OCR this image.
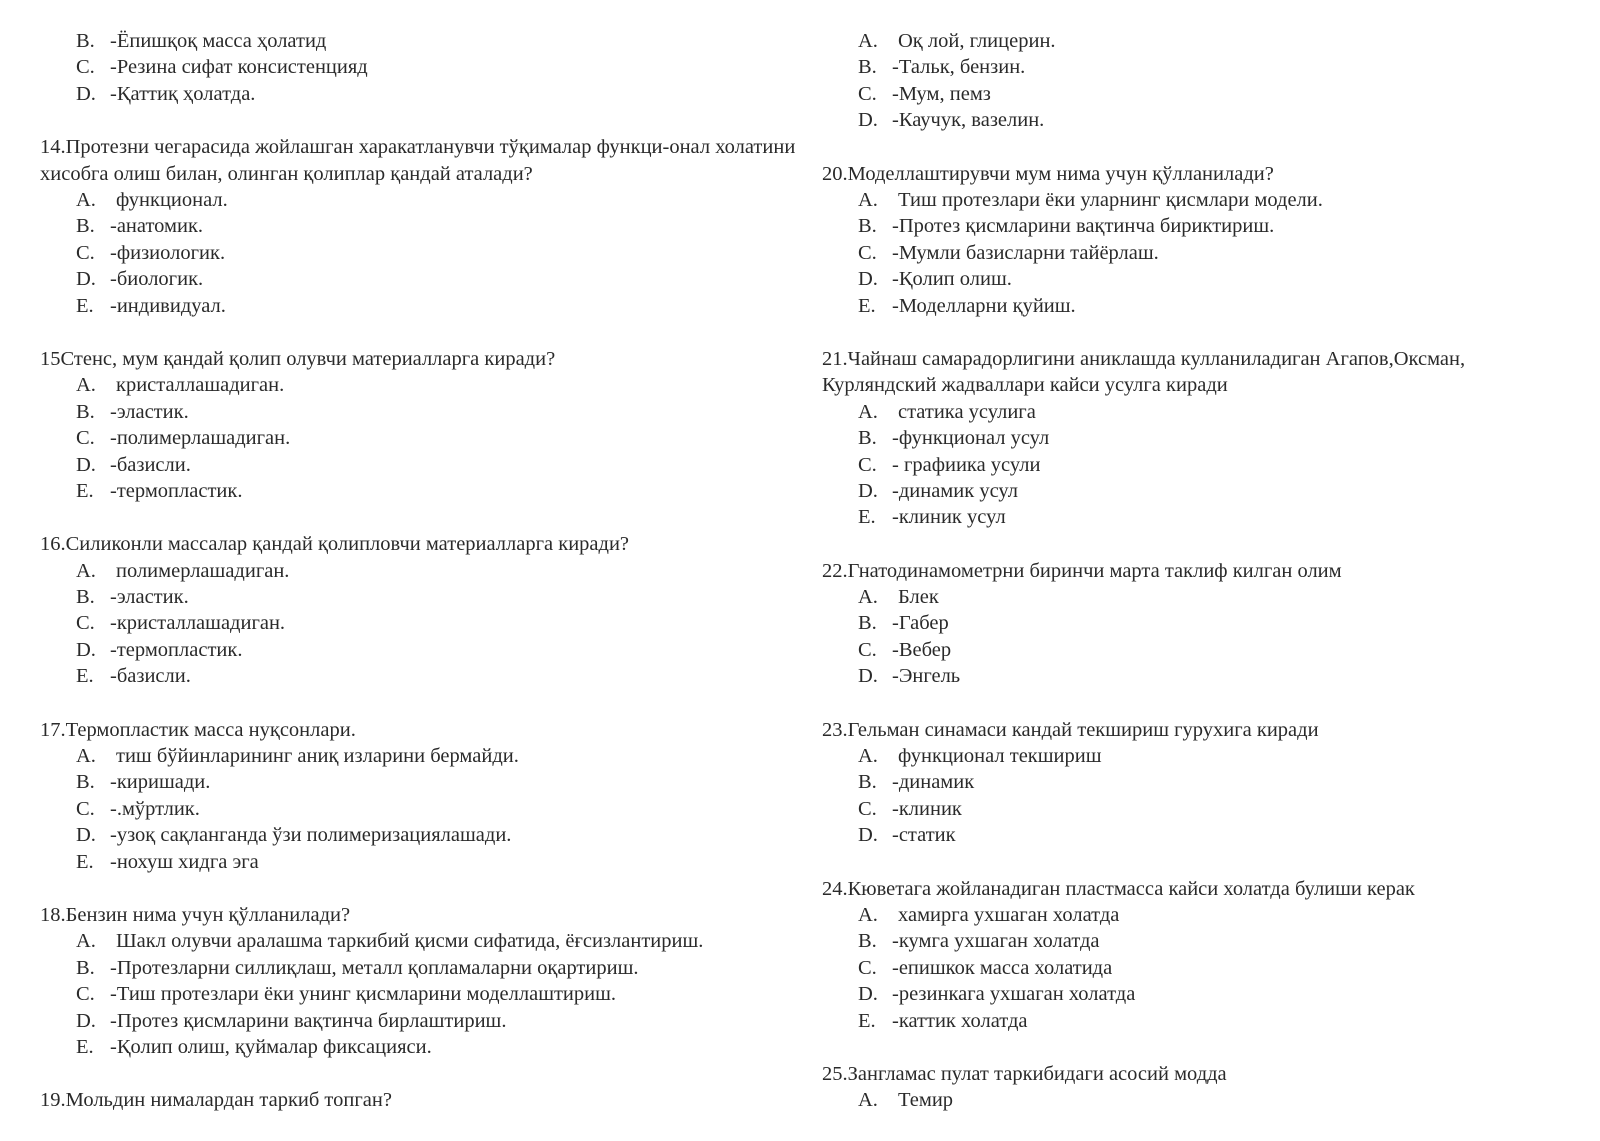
B. -Ёпишқоқ масса ҳолатид
C. -Резина сифат консистенцияд
D. -Қаттиқ ҳолатда.

14.Протезни чегарасида жойлашган харакатланувчи тўқималар функци-онал холатини хисобга олиш билан, олинган қолиплар қандай аталади?

A. функционал.
B. -анатомик.
C. -физиологик.
D. -биологик.
E. -индивидуал.

15Стенс, мум қандай қолип олувчи материалларга киради?

A. кристаллашадиган.
B. -эластик.
C. -полимерлашадиган.
D. -базисли.
E. -термопластик.

16.Силиконли массалар қандай қолипловчи материалларга киради?

A. полимерлашадиган.
B. -эластик.
C. -кристаллашадиган.
D. -термопластик.
E. -базисли.

17.Термопластик масса нуқсонлари.

A. тиш бўйинларининг аниқ изларини бермайди.
B. -киришади.
C. -.мўртлик.
D. -узоқ сақланганда ўзи полимеризациялашади.
E. -нохуш хидга эга

18.Бензин нима учун қўлланилади?

A. Шакл олувчи аралашма таркибий қисми сифатида, ёғсизлантириш.
B. -Протезларни силлиқлаш, металл қопламаларни оқартириш.
C. -Тиш протезлари ёки унинг қисмларини моделлаштириш.
D. -Протез қисмларини вақтинча бирлаштириш.
E. -Қолип олиш, қуймалар фиксацияси.

19.Мольдин нималардан таркиб топган?

A. Оқ лой, глицерин.
B. -Тальк, бензин.
C. -Мум, пемз
D. -Каучук, вазелин.

20.Моделлаштирувчи мум нима учун қўлланилади?

A. Тиш протезлари ёки уларнинг қисмлари модели.
B. -Протез қисмларини вақтинча бириктириш.
C. -Мумли базисларни тайёрлаш.
D. -Қолип олиш.
E. -Моделларни қуйиш.

21.Чайнаш самарадорлигини аниклашда кулланиладиган Агапов,Оксман, Курляндский жадваллари кайси усулга киради

A. статика усулига
B. -функционал усул
C. - графиика усули
D. -динамик усул
E. -клиник усул

22.Гнатодинамометрни биринчи марта таклиф килган олим

A. Блек
B. -Габер
C. -Вебер
D. -Энгель

23.Гельман синамаси кандай текшириш гурухига киради

A. функционал текшириш
B. -динамик
C. -клиник
D. -статик

24.Кюветага жойланадиган пластмасса кайси холатда булиши керак

A. хамирга ухшаган холатда
B. -кумга ухшаган холатда
C. -епишкок масса холатида
D. -резинкага ухшаган холатда
E. -каттик холатда

25.Зангламас пулат таркибидаги асосий модда

A. Темир
